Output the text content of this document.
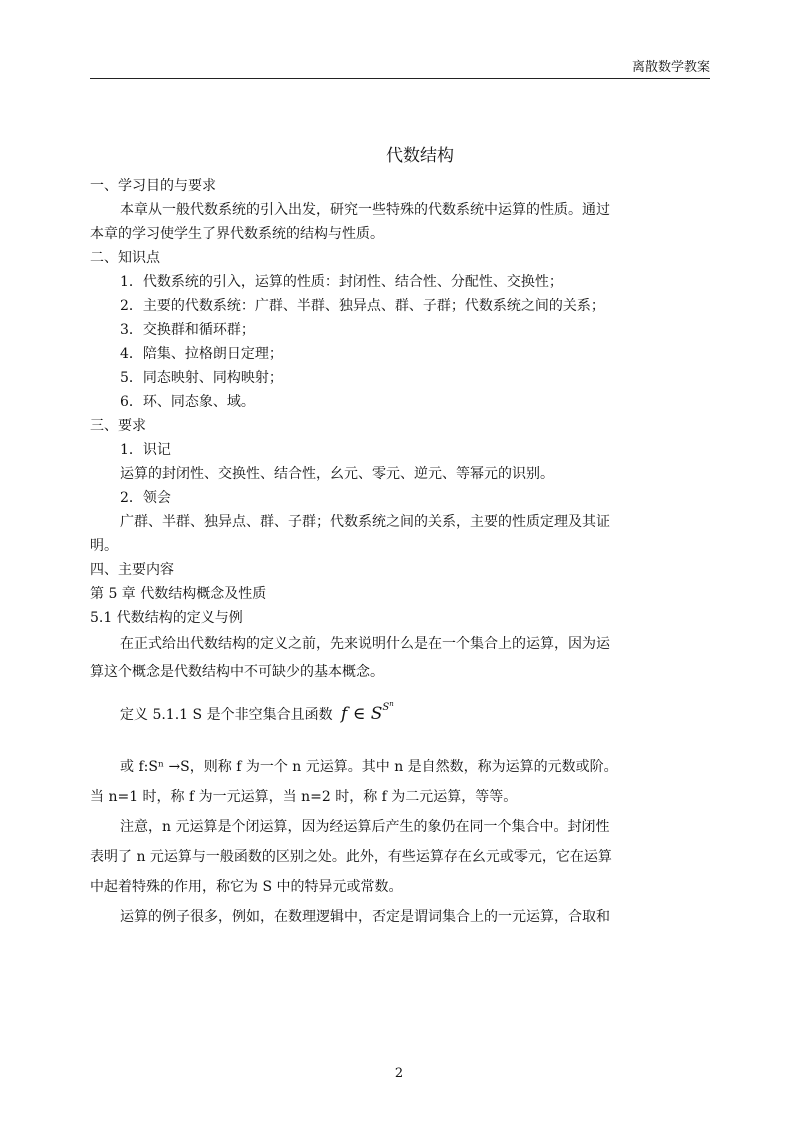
离散数学教案
代数结构
一、学习目的与要求
本章从一般代数系统的引入出发，研究一些特殊的代数系统中运算的性质。通过
本章的学习使学生了界代数系统的结构与性质。
二、知识点
1．代数系统的引入，运算的性质：封闭性、结合性、分配性、交换性；
2．主要的代数系统：广群、半群、独异点、群、子群；代数系统之间的关系；
3．交换群和循环群；
4．陪集、拉格朗日定理；
5．同态映射、同构映射；
6．环、同态象、域。
三、要求
1．识记
运算的封闭性、交换性、结合性，幺元、零元、逆元、等幂元的识别。
2．领会
广群、半群、独异点、群、子群；代数系统之间的关系，主要的性质定理及其证
明。
四、主要内容
第 5 章 代数结构概念及性质
5.1 代数结构的定义与例
在正式给出代数结构的定义之前，先来说明什么是在一个集合上的运算，因为运
算这个概念是代数结构中不可缺少的基本概念。
定义 5.1.1 S 是个非空集合且函数 f ∈ $S^{S^n}$
或 f:Sⁿ →S，则称 f 为一个 n 元运算。其中 n 是自然数，称为运算的元数或阶。
当 n=1 时，称 f 为一元运算，当 n=2 时，称 f 为二元运算，等等。
注意，n 元运算是个闭运算，因为经运算后产生的象仍在同一个集合中。封闭性
表明了 n 元运算与一般函数的区别之处。此外，有些运算存在幺元或零元，它在运算
中起着特殊的作用，称它为 S 中的特异元或常数。
运算的例子很多，例如，在数理逻辑中，否定是谓词集合上的一元运算，合取和
2
